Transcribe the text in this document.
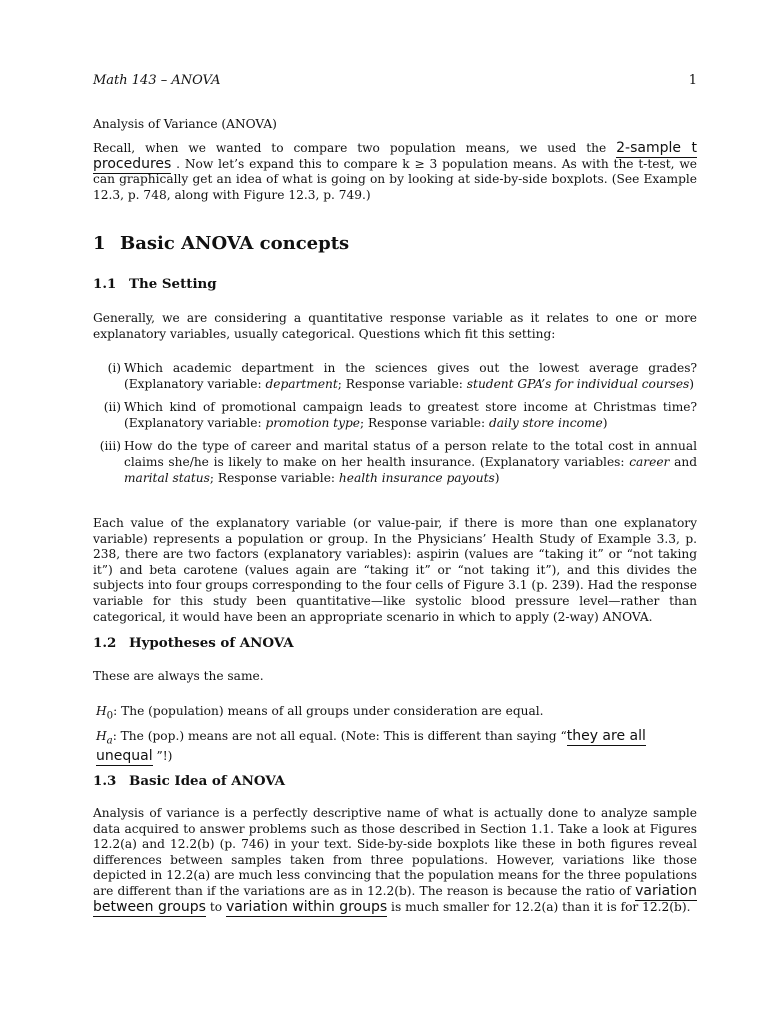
Math 143 – ANOVA	1

Analysis of Variance (ANOVA)

Recall, when we wanted to compare two population means, we used the 2-sample t procedures . Now let’s expand this to compare k ≥ 3 population means. As with the t-test, we can graphically get an idea of what is going on by looking at side-by-side boxplots. (See Example 12.3, p. 748, along with Figure 12.3, p. 749.)

1 Basic ANOVA concepts
1.1 The Setting

Generally, we are considering a quantitative response variable as it relates to one or more explanatory variables, usually categorical. Questions which fit this setting:

(i) Which academic department in the sciences gives out the lowest average grades? (Explanatory variable: department; Response variable: student GPA’s for individual courses)
(ii) Which kind of promotional campaign leads to greatest store income at Christmas time? (Explanatory variable: promotion type; Response variable: daily store income)
(iii) How do the type of career and marital status of a person relate to the total cost in annual claims she/he is likely to make on her health insurance. (Explanatory variables: career and marital status; Response variable: health insurance payouts)

Each value of the explanatory variable (or value-pair, if there is more than one explanatory variable) represents a population or group. In the Physicians’ Health Study of Example 3.3, p. 238, there are two factors (explanatory variables): aspirin (values are “taking it” or “not taking it”) and beta carotene (values again are “taking it” or “not taking it”), and this divides the subjects into four groups corresponding to the four cells of Figure 3.1 (p. 239). Had the response variable for this study been quantitative—like systolic blood pressure level—rather than categorical, it would have been an appropriate scenario in which to apply (2-way) ANOVA.

1.2 Hypotheses of ANOVA

These are always the same.

$H_0$: The (population) means of all groups under consideration are equal.
$H_a$: The (pop.) means are not all equal. (Note: This is different than saying “they are all unequal ”!)
1.3 Basic Idea of ANOVA

Analysis of variance is a perfectly descriptive name of what is actually done to analyze sample data acquired to answer problems such as those described in Section 1.1. Take a look at Figures 12.2(a) and 12.2(b) (p. 746) in your text. Side-by-side boxplots like these in both figures reveal differences between samples taken from three populations. However, variations like those depicted in 12.2(a) are much less convincing that the population means for the three populations are different than if the variations are as in 12.2(b). The reason is because the ratio of variation between groups to variation within groups is much smaller for 12.2(a) than it is for 12.2(b).
